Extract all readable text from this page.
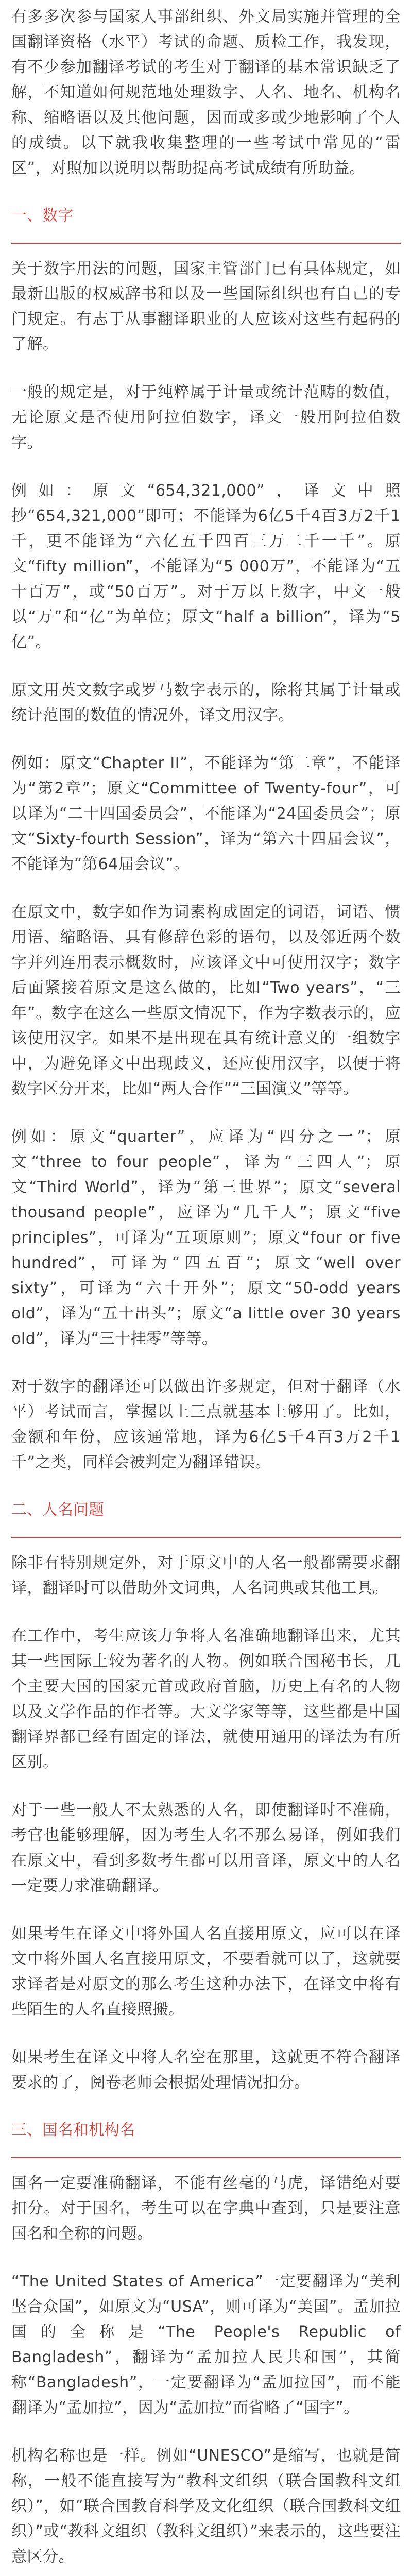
有多多次参与国家人事部组织、外文局实施并管理的全国翻译资格（水平）考试的命题、质检工作，我发现，有不少参加翻译考试的考生对于翻译的基本常识缺乏了解，不知道如何规范地处理数字、人名、地名、机构名称、缩略语以及其他问题，因而或多或少地影响了个人的成绩。以下就我收集整理的一些考试中常见的“雷区”，对照加以说明以帮助提高考试成绩有所助益。

一、数字

关于数字用法的问题，国家主管部门已有具体规定，如最新出版的权威辞书和以及一些国际组织也有自己的专门规定。有志于从事翻译职业的人应该对这些有起码的了解。

一般的规定是，对于纯粹属于计量或统计范畴的数值，无论原文是否使用阿拉伯数字，译文一般用阿拉伯数字。

例如：原文“654,321,000”，译文中照抄“654,321,000”即可；不能译为6亿5千4百3万2千1千，更不能译为“六亿五千四百三万二千一千”。原文“fifty million”，不能译为“5 000万”，不能译为“五十百万”，或“50百万”。对于万以上数字，中文一般以“万”和“亿”为单位；原文“half a billion”，译为“5亿”。

原文用英文数字或罗马数字表示的，除将其属于计量或统计范围的数值的情况外，译文用汉字。

例如：原文“Chapter II”，不能译为“第二章”，不能译为“第2章”；原文“Committee of Twenty-four”，可以译为“二十四国委员会”，不能译为“24国委员会”；原文“Sixty-fourth Session”，译为“第六十四届会议”，不能译为“第64届会议”。

在原文中，数字如作为词素构成固定的词语，词语、惯用语、缩略语、具有修辞色彩的语句，以及邻近两个数字并列连用表示概数时，应该译文中可使用汉字；数字后面紧接着原文是这么做的，比如“Two years”，“三年”。数字在这么一些原文情况下，作为字数表示的，应该使用汉字。如果不是出现在具有统计意义的一组数字中，为避免译文中出现歧义，还应使用汉字，以便于将数字区分开来，比如“两人合作”“三国演义”等等。

例如：原文“quarter”，应译为“四分之一”；原文“three to four people”，译为“三四人”；原文“Third World”，译为“第三世界”；原文“several thousand people”，应译为“几千人”；原文“five principles”，可译为“五项原则”；原文“four or five hundred”，可译为“四五百”；原文“well over sixty”，可译为“六十开外”；原文“50-odd years old”，译为“五十出头”；原文“a little over 30 years old”，译为“三十挂零”等等。

对于数字的翻译还可以做出许多规定，但对于翻译（水平）考试而言，掌握以上三点就基本上够用了。比如，金额和年份，应该通常地，译为6亿5千4百3万2千1千”之类，同样会被判定为翻译错误。

二、人名问题

除非有特别规定外，对于原文中的人名一般都需要求翻译，翻译时可以借助外文词典，人名词典或其他工具。

在工作中，考生应该力争将人名准确地翻译出来，尤其其一些国际上较为著名的人物。例如联合国秘书长，几个主要大国的国家元首或政府首脑，历史上有名的人物以及文学作品的作者等。大文学家等等，这些都是中国翻译界都已经有固定的译法，就使用通用的译法为有所区别。

对于一些一般人不太熟悉的人名，即使翻译时不准确，考官也能够理解，因为考生人名不那么易译，例如我们在原文中，看到多数考生都可以用音译，原文中的人名一定要力求准确翻译。

如果考生在译文中将外国人名直接用原文，应可以在译文中将外国人名直接用原文，不要看就可以了，这就要求译者是对原文的那么考生这种办法下，在译文中将有些陌生的人名直接照搬。

如果考生在译文中将人名空在那里，这就更不符合翻译要求的了，阅卷老师会根据处理情况扣分。

三、国名和机构名

国名一定要准确翻译，不能有丝毫的马虎，译错绝对要扣分。对于国名，考生可以在字典中查到，只是要注意国名和全称的问题。

“The United States of America”一定要翻译为“美利坚合众国”，如原文为“USA”，则可译为“美国”。孟加拉国的全称是“The People's Republic of Bangladesh”，翻译为“孟加拉人民共和国”，其简称“Bangladesh”，一定要翻译为“孟加拉国”，而不能翻译为“孟加拉”，因为“孟加拉”而省略了“国字”。

机构名称也是一样。例如“UNESCO”是缩写，也就是简称，一般不能直接写为“教科文组织（联合国教科文组织）”，如“联合国教育科学及文化组织（联合国教科文组织）”或“教科文组织（教科文组织）”来表示的，这些要注意区分。
